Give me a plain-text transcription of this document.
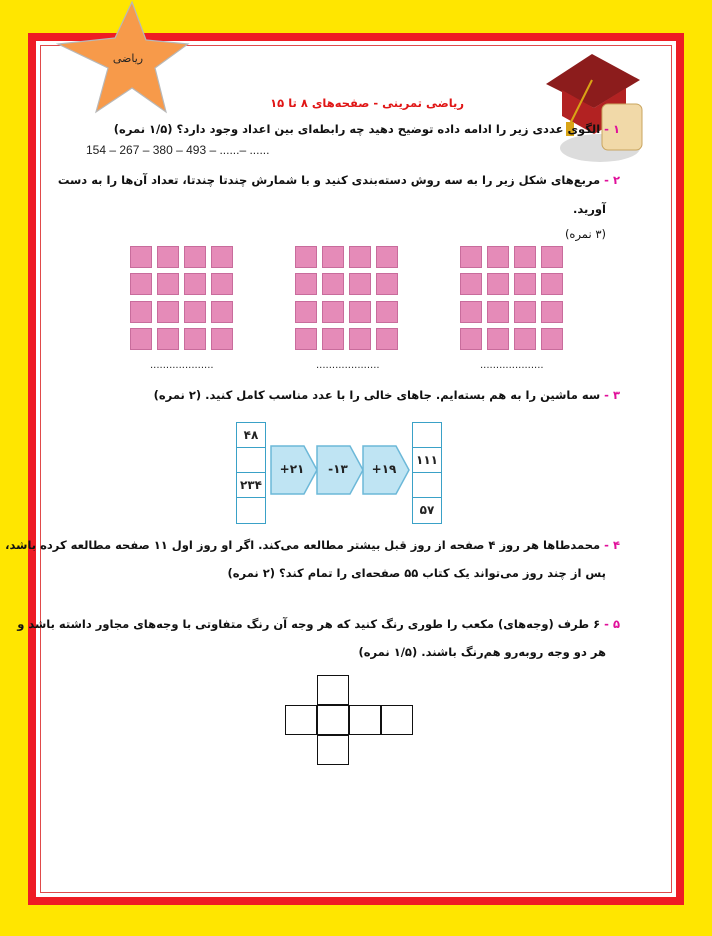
ریاضی
ریاضی تمرینی - صفحه‌های ۸ تا ۱۵
۱ - الگوی عددی زیر را ادامه داده توضیح دهید چه رابطه‌ای بین اعداد وجود دارد؟ (۱/۵ نمره)
154 – 267 – 380 – 493 – ......– ......
۲ - مربع‌های شکل زیر را به سه روش دسته‌بندی کنید و با شمارش چندتا چندتا، تعداد آن‌ها را به دست
آورید.
(۳ نمره)
....................
....................
....................
۳ - سه ماشین را به هم بسته‌ایم. جاهای خالی را با عدد مناسب کامل کنید. (۲ نمره)
۴۸
۲۳۴
۱۱۱
۵۷
+۲۱	-۱۳	+۱۹
۴ - محمدطاها هر روز ۴ صفحه از روز قبل بیشتر مطالعه می‌کند. اگر او روز اول ۱۱ صفحه مطالعه کرده باشد،
پس از چند روز می‌تواند یک کتاب ۵۵ صفحه‌ای را تمام کند؟ (۲ نمره)
۵ - ۶ طرف (وجه‌های) مکعب را طوری رنگ کنید که هر وجه آن رنگ متفاوتی با وجه‌های مجاور داشته باشد و
هر دو وجه روبه‌رو هم‌رنگ باشند. (۱/۵ نمره)
